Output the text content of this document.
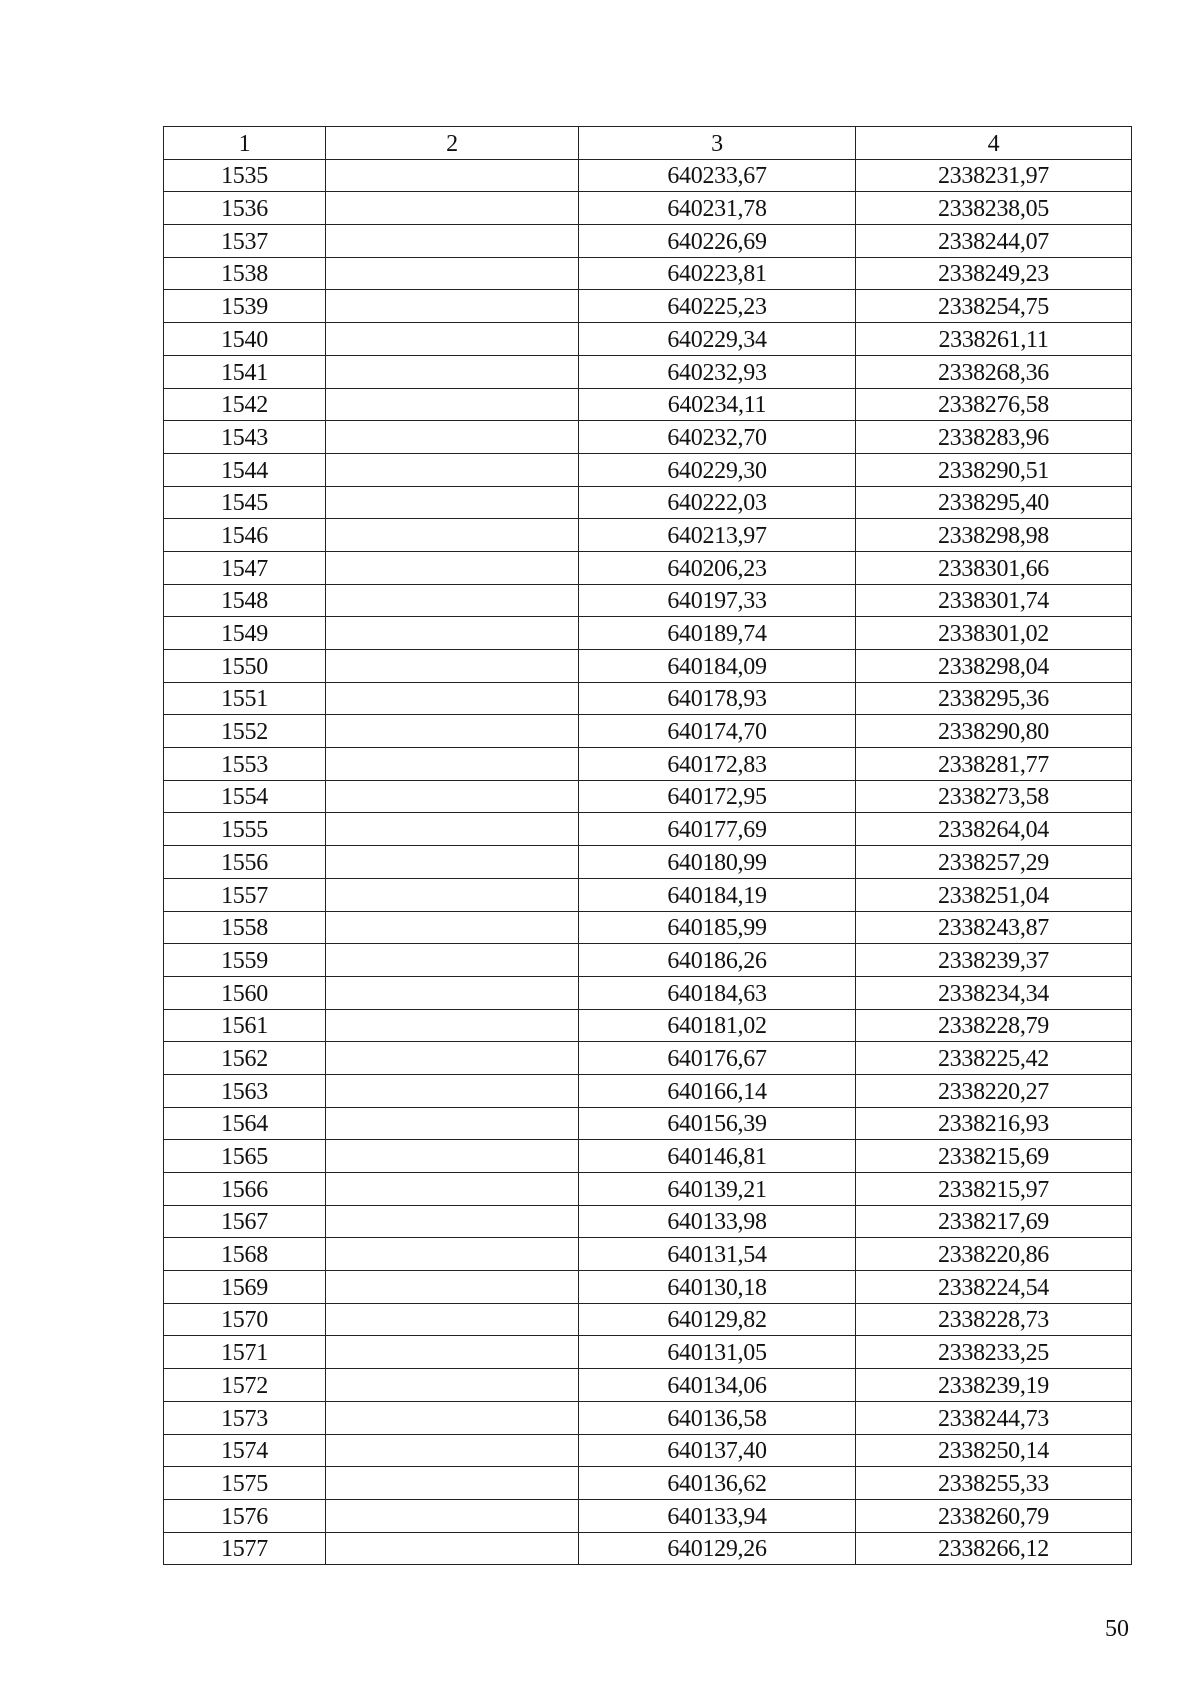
1	2	3	4
1535		640233,67	2338231,97
1536		640231,78	2338238,05
1537		640226,69	2338244,07
1538		640223,81	2338249,23
1539		640225,23	2338254,75
1540		640229,34	2338261,11
1541		640232,93	2338268,36
1542		640234,11	2338276,58
1543		640232,70	2338283,96
1544		640229,30	2338290,51
1545		640222,03	2338295,40
1546		640213,97	2338298,98
1547		640206,23	2338301,66
1548		640197,33	2338301,74
1549		640189,74	2338301,02
1550		640184,09	2338298,04
1551		640178,93	2338295,36
1552		640174,70	2338290,80
1553		640172,83	2338281,77
1554		640172,95	2338273,58
1555		640177,69	2338264,04
1556		640180,99	2338257,29
1557		640184,19	2338251,04
1558		640185,99	2338243,87
1559		640186,26	2338239,37
1560		640184,63	2338234,34
1561		640181,02	2338228,79
1562		640176,67	2338225,42
1563		640166,14	2338220,27
1564		640156,39	2338216,93
1565		640146,81	2338215,69
1566		640139,21	2338215,97
1567		640133,98	2338217,69
1568		640131,54	2338220,86
1569		640130,18	2338224,54
1570		640129,82	2338228,73
1571		640131,05	2338233,25
1572		640134,06	2338239,19
1573		640136,58	2338244,73
1574		640137,40	2338250,14
1575		640136,62	2338255,33
1576		640133,94	2338260,79
1577		640129,26	2338266,12
50
